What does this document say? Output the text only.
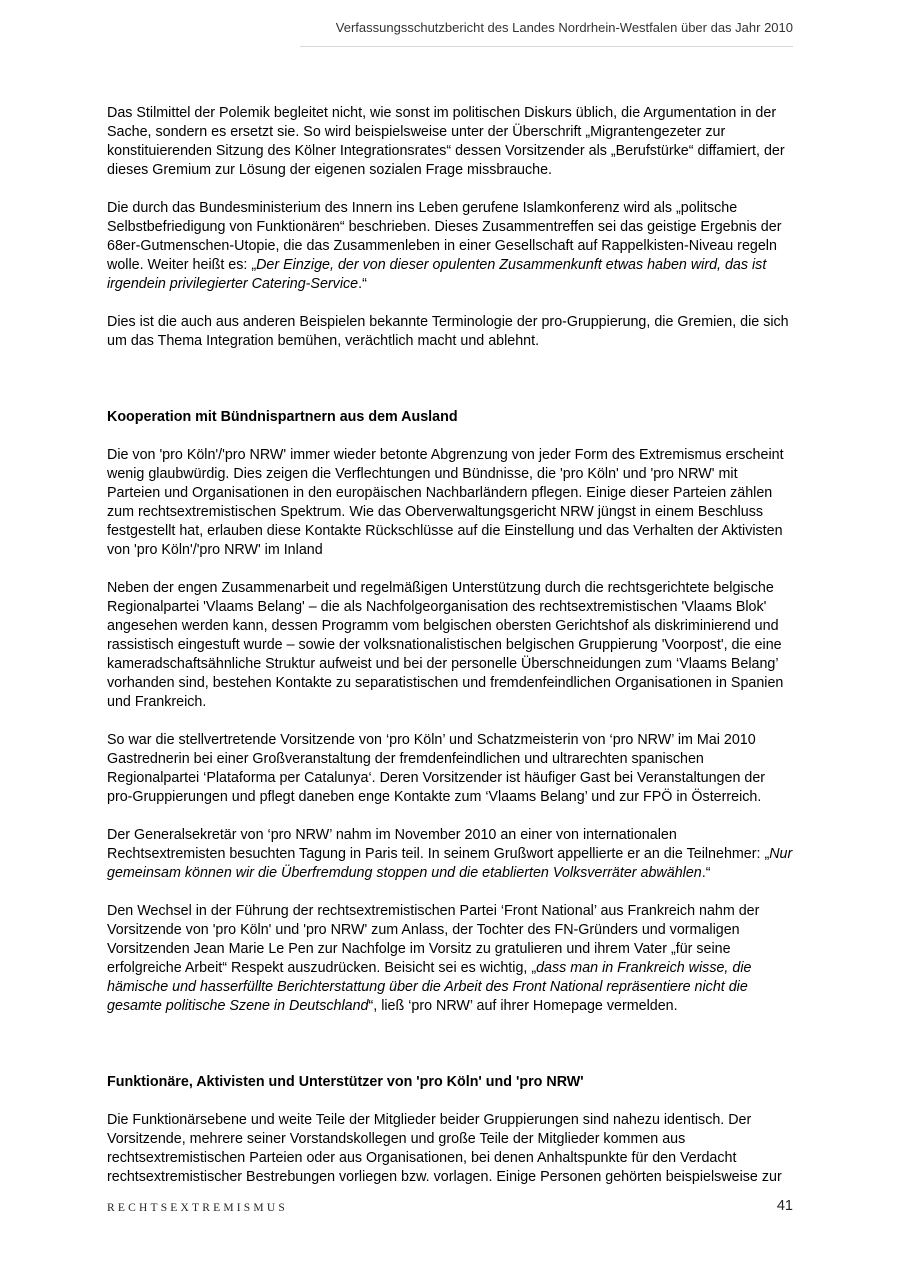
Verfassungsschutzbericht des Landes Nordrhein-Westfalen über das Jahr 2010

Das Stilmittel der Polemik begleitet nicht, wie sonst im politischen Diskurs üblich, die Argumentation in der Sache, sondern es ersetzt sie. So wird beispielsweise unter der Überschrift „Migrantengezeter zur konstituierenden Sitzung des Kölner Integrationsrates“ dessen Vorsitzender als „Berufstürke“ diffamiert, der dieses Gremium zur Lösung der eigenen sozialen Frage missbrauche.

Die durch das Bundesministerium des Innern ins Leben gerufene Islamkonferenz wird als „politsche Selbstbefriedigung von Funktionären“ beschrieben. Dieses Zusammentreffen sei das geistige Ergebnis der 68er-Gutmenschen-Utopie, die das Zusammenleben in einer Gesellschaft auf Rappelkisten-Niveau regeln wolle. Weiter heißt es: „Der Einzige, der von dieser opulenten Zusammenkunft etwas haben wird, das ist irgendein privilegierter Catering-Service.“

Dies ist die auch aus anderen Beispielen bekannte Terminologie der pro-Gruppierung, die Gremien, die sich um das Thema Integration bemühen, verächtlich macht und ablehnt.

Kooperation mit Bündnispartnern aus dem Ausland

Die von 'pro Köln'/'pro NRW' immer wieder betonte Abgrenzung von jeder Form des Extremismus erscheint wenig glaubwürdig. Dies zeigen die Verflechtungen und Bündnisse, die 'pro Köln' und 'pro NRW' mit Parteien und Organisationen in den europäischen Nachbarländern pflegen. Einige dieser Parteien zählen zum rechtsextremistischen Spektrum. Wie das Oberverwaltungsgericht NRW jüngst in einem Beschluss festgestellt hat, erlauben diese Kontakte Rückschlüsse auf die Einstellung und das Verhalten der Aktivisten von 'pro Köln'/'pro NRW' im Inland

Neben der engen Zusammenarbeit und regelmäßigen Unterstützung durch die rechtsgerichtete belgische Regionalpartei 'Vlaams Belang' – die als Nachfolgeorganisation des rechtsextremistischen 'Vlaams Blok' angesehen werden kann, dessen Programm vom belgischen obersten Gerichtshof als diskriminierend und rassistisch eingestuft wurde – sowie der volksnationalistischen belgischen Gruppierung 'Voorpost', die eine kameradschaftsähnliche Struktur aufweist und bei der personelle Überschneidungen zum ‘Vlaams Belang’ vorhanden sind, bestehen Kontakte zu separatistischen und fremdenfeindlichen Organisationen in Spanien und Frankreich.

So war die stellvertretende Vorsitzende von ‘pro Köln’ und Schatzmeisterin von ‘pro NRW’ im Mai 2010 Gastrednerin bei einer Großveranstaltung der fremdenfeindlichen und ultrarechten spanischen Regionalpartei ‘Plataforma per Catalunya‘. Deren Vorsitzender ist häufiger Gast bei Veranstaltungen der pro-Gruppierungen und pflegt daneben enge Kontakte zum ‘Vlaams Belang’ und zur FPÖ in Österreich.

Der Generalsekretär von ‘pro NRW’ nahm im November 2010 an einer von internationalen Rechtsextremisten besuchten Tagung in Paris teil. In seinem Grußwort appellierte er an die Teilnehmer: „Nur gemeinsam können wir die Überfremdung stoppen und die etablierten Volksverräter abwählen.“

Den Wechsel in der Führung der rechtsextremistischen Partei ‘Front National’ aus Frankreich nahm der Vorsitzende von 'pro Köln' und 'pro NRW' zum Anlass, der Tochter des FN-Gründers und vormaligen Vorsitzenden Jean Marie Le Pen zur Nachfolge im Vorsitz zu gratulieren und ihrem Vater „für seine erfolgreiche Arbeit“ Respekt auszudrücken. Beisicht sei es wichtig, „dass man in Frankreich wisse, die hämische und hasserfüllte Berichterstattung über die Arbeit des Front National repräsentiere nicht die gesamte politische Szene in Deutschland“, ließ ‘pro NRW’ auf ihrer Homepage vermelden.

Funktionäre, Aktivisten und Unterstützer von 'pro Köln' und 'pro NRW'

Die Funktionärsebene und weite Teile der Mitglieder beider Gruppierungen sind nahezu identisch. Der Vorsitzende, mehrere seiner Vorstandskollegen und große Teile der Mitglieder kommen aus rechtsextremistischen Parteien oder aus Organisationen, bei denen Anhaltspunkte für den Verdacht rechtsextremistischer Bestrebungen vorliegen bzw. vorlagen. Einige Personen gehörten beispielsweise zur

RECHTSEXTREMISMUS	41
